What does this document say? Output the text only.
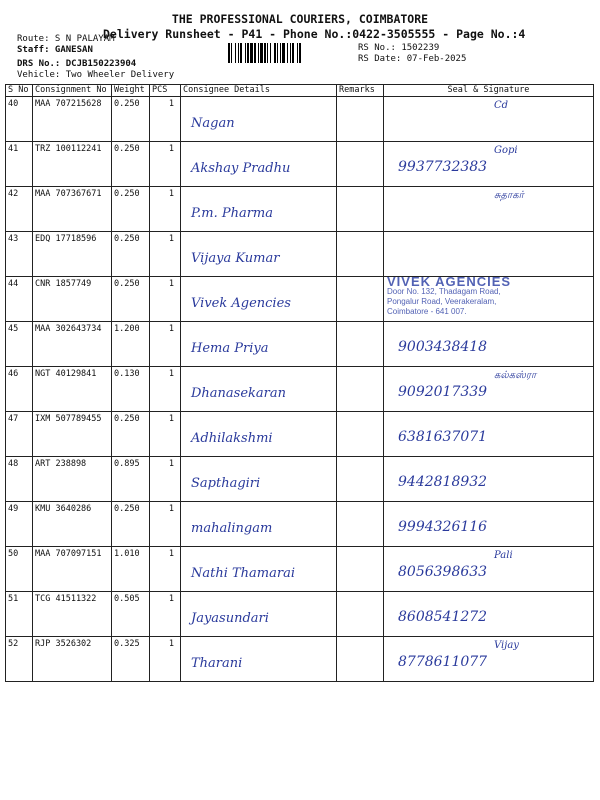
THE PROFESSIONAL COURIERS, COIMBATORE
Delivery Runsheet - P41 - Phone No.:0422-3505555 - Page No.:4
Route: S N PALAYAM
Staff: GANESAN
DRS No.: DCJB150223904
Vehicle: Two Wheeler Delivery
RS No.: 1502239
RS Date: 07-Feb-2025
S No	Consignment No	Weight	PCS	Consignee Details	Remarks	Seal & Signature
40	MAA 707215628	0.250	1	Nagan		Cd

41	TRZ 100112241	0.250	1	Akshay Pradhu		Gopi
9937732383

42	MAA 707367671	0.250	1	P.m. Pharma		சுதாகர்

43	EDQ 17718596	0.250	1	Vijaya Kumar		

44	CNR 1857749	0.250	1	Vivek Agencies		VIVEK AGENCIES
Door No. 132, Thadagam Road,
Pongalur Road, Veerakeralam,
Coimbatore - 641 007.

45	MAA 302643734	1.200	1	Hema Priya		9003438418

46	NGT 40129841	0.130	1	Dhanasekaran		கல்கஸ்ரா
9092017339

47	IXM 507789455	0.250	1	Adhilakshmi		6381637071

48	ART 238898	0.895	1	Sapthagiri		9442818932

49	KMU 3640286	0.250	1	mahalingam		9994326116

50	MAA 707097151	1.010	1	Nathi Thamarai		Pali
8056398633

51	TCG 41511322	0.505	1	Jayasundari		8608541272

52	RJP 3526302	0.325	1	Tharani		Vijay
8778611077
